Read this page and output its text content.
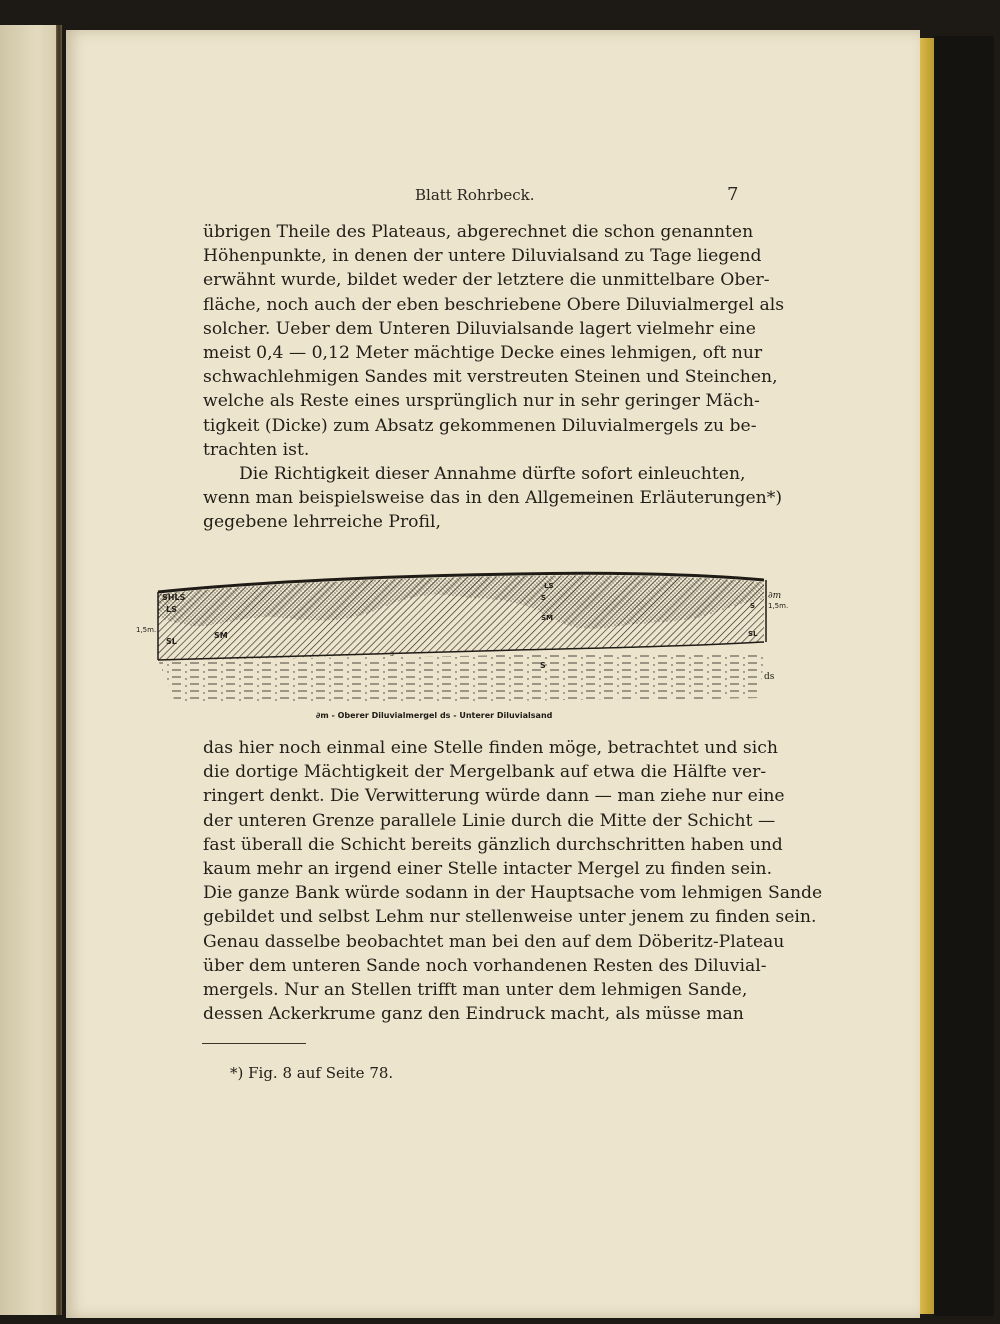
Blatt Rohrbeck.	7
übrigen Theile des Plateaus, abgerechnet die schon genannten
Höhenpunkte, in denen der untere Diluvialsand zu Tage liegend
erwähnt wurde, bildet weder der letztere die unmittelbare Ober-
fläche, noch auch der eben beschriebene Obere Diluvialmergel als
solcher. Ueber dem Unteren Diluvialsande lagert vielmehr eine
meist 0,4 — 0,12 Meter mächtige Decke eines lehmigen, oft nur
schwachlehmigen Sandes mit verstreuten Steinen und Steinchen,
welche als Reste eines ursprünglich nur in sehr geringer Mäch-
tigkeit (Dicke) zum Absatz gekommenen Diluvialmergels zu be-
trachten ist.
Die Richtigkeit dieser Annahme dürfte sofort einleuchten,
wenn man beispielsweise das in den Allgemeinen Erläuterungen*)
gegebene lehrreiche Profil,
SHLS
LS
SL
SM
1,5m.
LS
S
SM
S
SL
S
S
∂m
1,5m.
ds
∂m - Oberer Diluvialmergel ds - Unterer Diluvialsand
das hier noch einmal eine Stelle finden möge, betrachtet und sich
die dortige Mächtigkeit der Mergelbank auf etwa die Hälfte ver-
ringert denkt. Die Verwitterung würde dann — man ziehe nur eine
der unteren Grenze parallele Linie durch die Mitte der Schicht —
fast überall die Schicht bereits gänzlich durchschritten haben und
kaum mehr an irgend einer Stelle intacter Mergel zu finden sein.
Die ganze Bank würde sodann in der Hauptsache vom lehmigen Sande
gebildet und selbst Lehm nur stellenweise unter jenem zu finden sein.
Genau dasselbe beobachtet man bei den auf dem Döberitz-Plateau
über dem unteren Sande noch vorhandenen Resten des Diluvial-
mergels. Nur an Stellen trifft man unter dem lehmigen Sande,
dessen Ackerkrume ganz den Eindruck macht, als müsse man
*) Fig. 8 auf Seite 78.
